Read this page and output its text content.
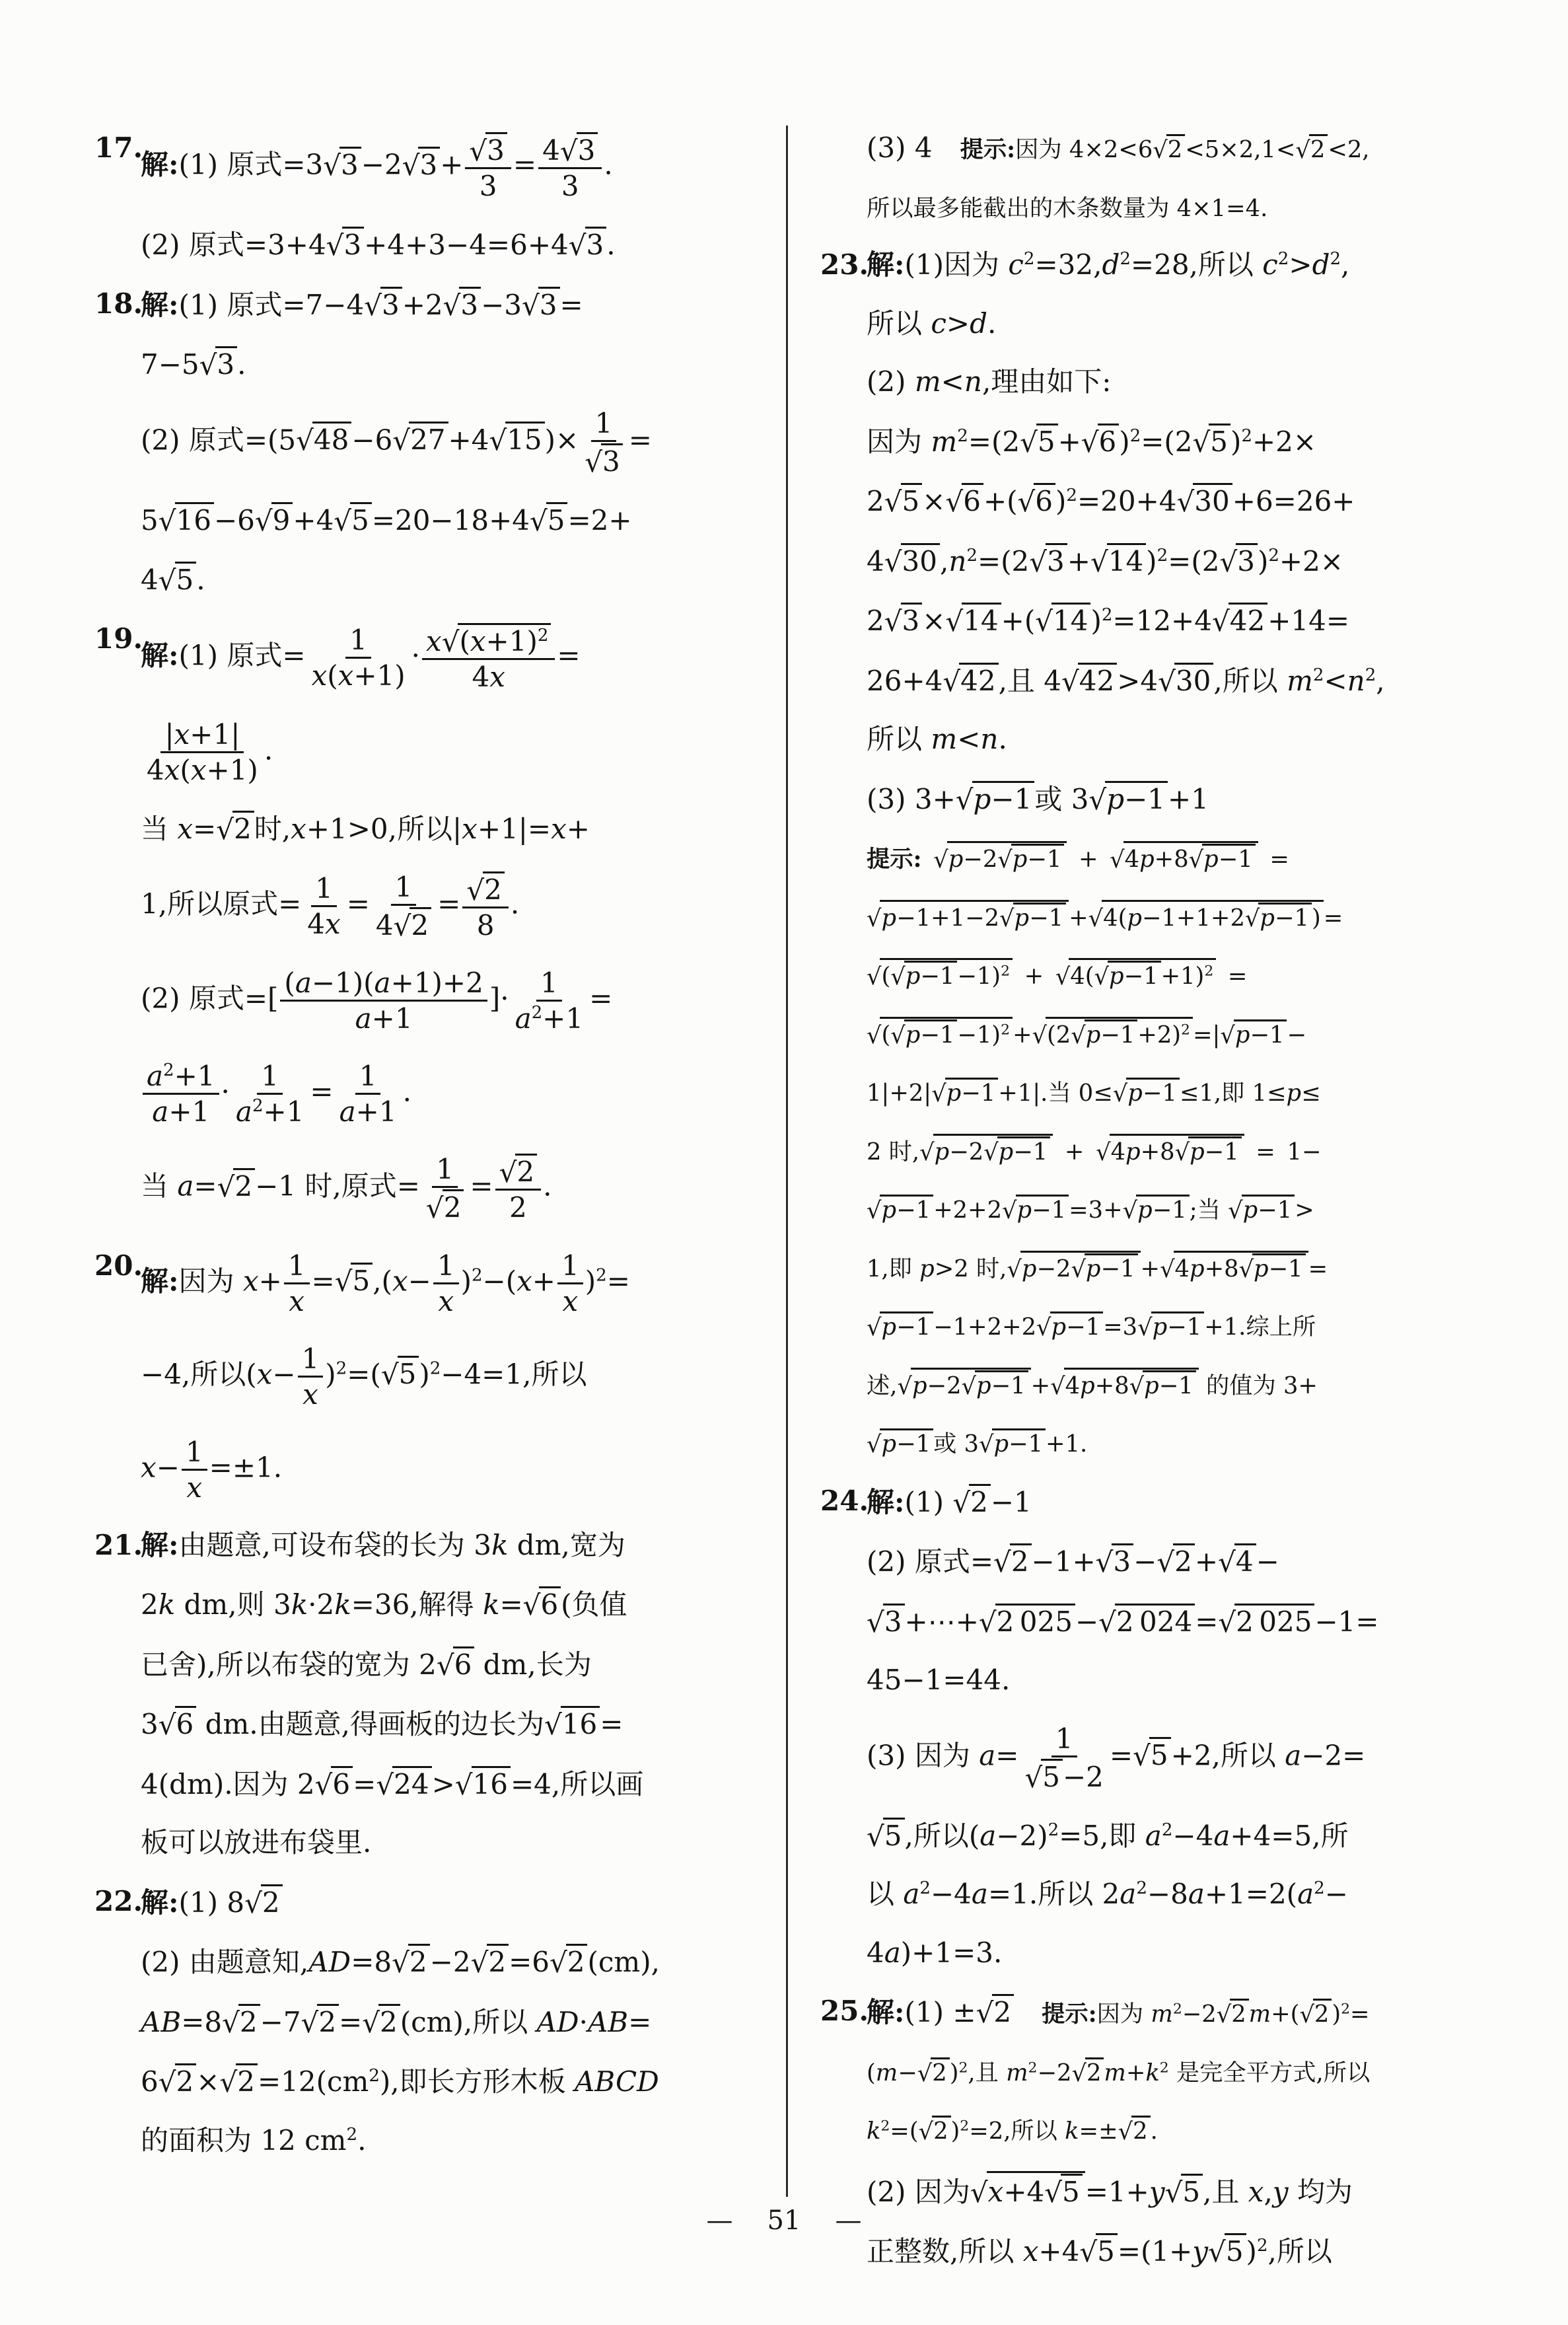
17.
解:(1) 原式$=3√3-2√3+ \frac{√3}{3} = \frac{4√3}{3}$ .
(2) 原式=3+4√3+4+3−4=6+4√3.
18.
解:(1) 原式=7−4√3+2√3−3√3=
7−5√3.
(2) 原式$=(5√48-6√27+4√15)\times \frac{1}{√3}$ =
5√16−6√9+4√5=20−18+4√5=2+
4√5.
19.
解:(1) 原式= $\frac{1}{x(x+1)} \cdot \frac{x√(x+1)^2}{4x}$ =
$\frac{|x+1|}{4x(x+1)}$ .
当 x=√2时,x+1>0,所以|x+1|=x+
1,所以原式= $\frac{1}{4x} = \frac{1}{4√2} = \frac{√2}{8}$ .
(2) 原式=[ $\frac{(a-1)(a+1)+2}{a+1}$ ]· $\frac{1}{a^2+1}$ =
$\frac{a^2+1}{a+1} \cdot \frac{1}{a^2+1} = \frac{1}{a+1}$ .
当 a=√2−1 时,原式= $\frac{1}{√2} = \frac{√2}{2}$ .
20.
解:因为 $x+ \frac{1}{x} =√5,(x- \frac{1}{x} )^2-(x+ \frac{1}{x} )^2=$
−4,所以$(x- \frac{1}{x} )^2=(√5)^2-4=1$,所以
$x- \frac{1}{x} =\pm 1$.
21.
解:由题意,可设布袋的长为 3k dm,宽为
2k dm,则 3k·2k=36,解得 k=√6(负值
已舍),所以布袋的宽为 2√6 dm,长为
3√6 dm.由题意,得画板的边长为√16=
4(dm).因为 2√6=√24>√16=4,所以画
板可以放进布袋里.
22.
解:(1) 8√2
(2) 由题意知,AD=8√2−2√2=6√2(cm),
AB=8√2−7√2=√2(cm),所以 AD·AB=
$6√2\times√2=12(cm^2)$,即长方形木板 ABCD
的面积为 12 $cm^2$.
(3) 4  提示:因为 4×2<6√2 <5×2,1<√2 <2,
所以最多能截出的木条数量为 4×1=4.
23.
解:(1)因为 $c^2=32,d^2=28$,所以 $c^2>d^2$,
所以 c>d.
(2) m<n,理由如下:
因为 $m^2=(2√5+√6)^2=(2√5)^2+2\times$
$2√5\times√6+(√6)^2=20+4√30+6=26+$
$4√30,n^2=(2√3+√14)^2=(2√3)^2+2\times$
$2√3\times√14+(√14)^2=12+4√42+14=$
26+4√42,且 4√42>4√30,所以 $m^2<n^2$,
所以 m<n.
(3) 3+√p−1或 3√p−1+1
提示:  √p−2√p−1 + √4p+8√p−1 =
√p−1+1−2√p−1 +√4(p−1+1+2√p−1 ) =
$√(√p-1 -1)^2$ + $√4(√p-1 +1)^2$ =
$√(√p-1 -1)^2 +√(2√p-1 +2)^2 =|√p-1$ −
1|+2|√p−1 +1|.当 0≤√p−1 ≤1,即 1≤p≤
2 时,√p−2√p−1 + √4p+8√p−1 = 1−
√p−1 +2+2√p−1 =3+√p−1 ;当 √p−1 >
1,即 p>2 时,√p−2√p−1 +√4p+8√p−1 =
√p−1 −1+2+2√p−1 =3√p−1 +1.综上所
述,√p−2√p−1 +√4p+8√p−1 的值为 3+
√p−1 或 3√p−1 +1.
24.
解:(1) √2−1
(2) 原式=√2−1+√3−√2+√4−
√3+⋯+√2 025−√2 024=√2 025−1=
45−1=44.
(3) 因为 $a= \frac{1}{√5-2} =√5+2$,所以 a−2=
√5,所以$(a-2)^2=5$,即 $a^2-4a+4=5$,所
以 $a^2-4a=1$.所以 $2a^2-8a+1=2(a^2-$
4a)+1=3.
25.
解:(1) ±√2   提示:因为 $m^2-2√2$ m+(√2 )$^2$=
(m−√2 )$^2$,且 $m^2-2√2$ $m+k^2$ 是完全平方式,所以
$k^2=(√2$ )$^2$=2,所以 k=±√2 .
(2) 因为√x+4√5 =1+y√5,且 x,y 均为
正整数,所以 $x+4√5=(1+y√5)^2$,所以
— 51 —
